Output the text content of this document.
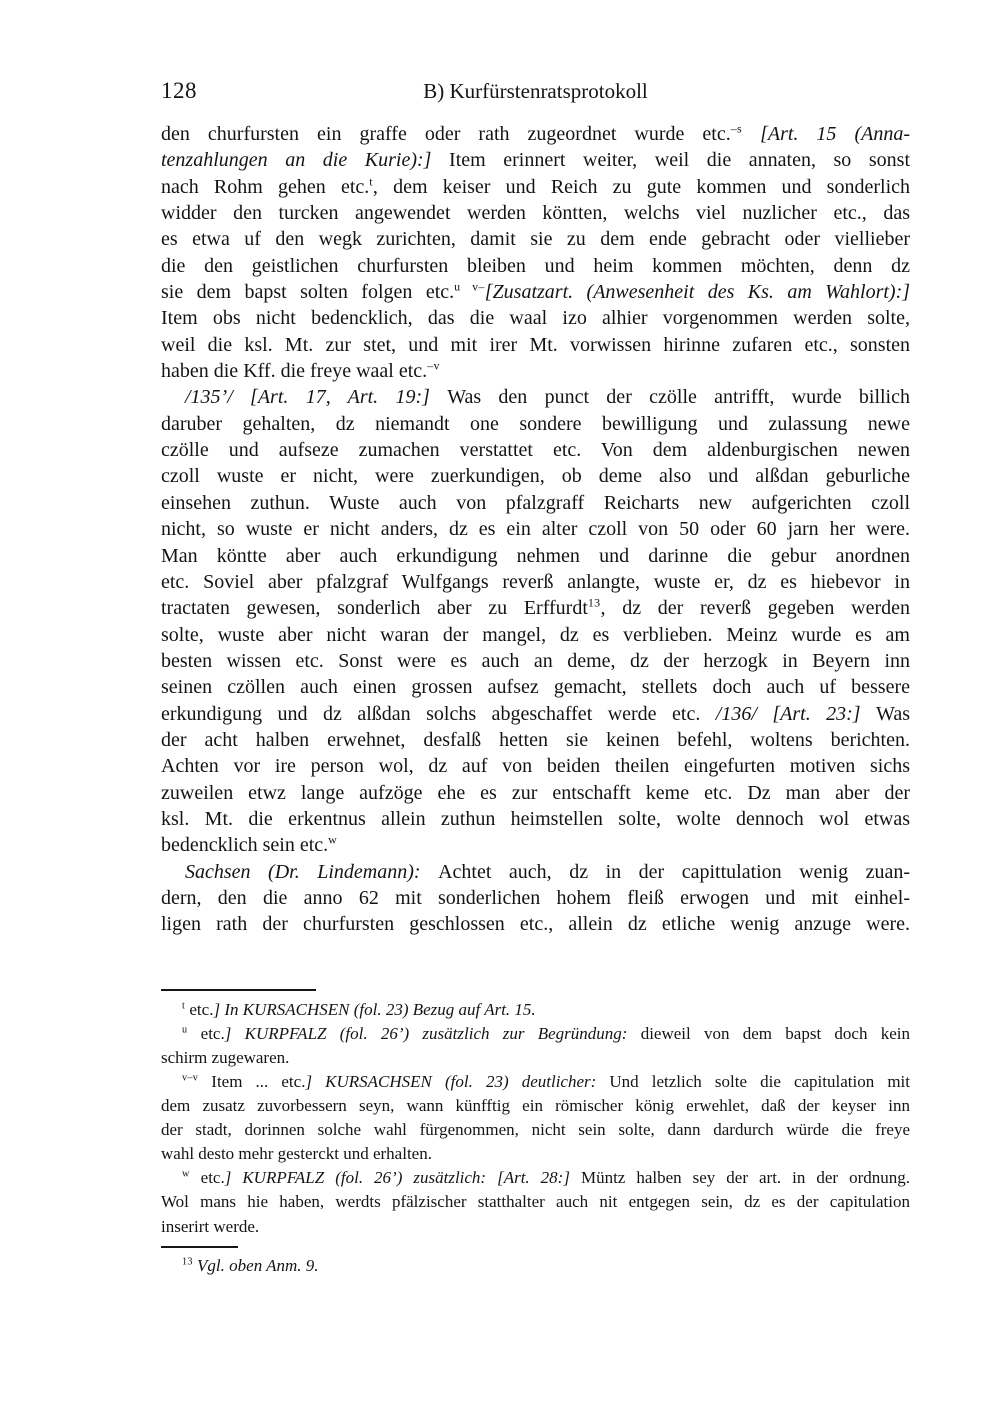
128	B) Kurfürstenratsprotokoll
den churfursten ein graffe oder rath zugeordnet wurde etc.$^{-s}$ [Art. 15 (Anna-
tenzahlungen an die Kurie):] Item erinnert weiter, weil die annaten, so sonst
nach Rohm gehen etc.$^t$, dem keiser und Reich zu gute kommen und sonderlich
widder den turcken angewendet werden köntten, welchs viel nuzlicher etc., das
es etwa uf den wegk zurichten, damit sie zu dem ende gebracht oder viellieber
die den geistlichen churfursten bleiben und heim kommen möchten, denn dz
sie dem bapst solten folgen etc.$^{u v-}$[Zusatzart. (Anwesenheit des Ks. am Wahlort):]
Item obs nicht bedencklich, das die waal izo alhier vorgenommen werden solte,
weil die ksl. Mt. zur stet, und mit irer Mt. vorwissen hirinne zufaren etc., sonsten
haben die Kff. die freye waal etc.$^{-v}$
/135’/ [Art. 17, Art. 19:] Was den punct der czölle antrifft, wurde billich
daruber gehalten, dz niemandt one sondere bewilligung und zulassung newe
czölle und aufseze zumachen verstattet etc. Von dem aldenburgischen newen
czoll wuste er nicht, were zuerkundigen, ob deme also und alßdan geburliche
einsehen zuthun. Wuste auch von pfalzgraff Reicharts new aufgerichten czoll
nicht, so wuste er nicht anders, dz es ein alter czoll von 50 oder 60 jarn her were.
Man köntte aber auch erkundigung nehmen und darinne die gebur anordnen
etc. Soviel aber pfalzgraf Wulfgangs reverß anlangte, wuste er, dz es hiebevor in
tractaten gewesen, sonderlich aber zu Erffurdt$^{13}$, dz der reverß gegeben werden
solte, wuste aber nicht waran der mangel, dz es verblieben. Meinz wurde es am
besten wissen etc. Sonst were es auch an deme, dz der herzogk in Beyern inn
seinen czöllen auch einen grossen aufsez gemacht, stellets doch auch uf bessere
erkundigung und dz alßdan solchs abgeschaffet werde etc. /136/ [Art. 23:] Was
der acht halben erwehnet, desfalß hetten sie keinen befehl, woltens berichten.
Achten vor ire person wol, dz auf von beiden theilen eingefurten motiven sichs
zuweilen etwz lange aufzöge ehe es zur entschafft keme etc. Dz man aber der
ksl. Mt. die erkentnus allein zuthun heimstellen solte, wolte dennoch wol etwas
bedencklich sein etc.$^w$
Sachsen (Dr. Lindemann): Achtet auch, dz in der capittulation wenig zuan-
dern, den die anno 62 mit sonderlichen hohem fleiß erwogen und mit einhel-
ligen rath der churfursten geschlossen etc., allein dz etliche wenig anzuge were.
$^t$ etc.] In KURSACHSEN (fol. 23) Bezug auf Art. 15.
$^u$ etc.] KURPFALZ (fol. 26’) zusätzlich zur Begründung: dieweil von dem bapst doch kein
schirm zugewaren.
$^{v-v}$ Item ... etc.] KURSACHSEN (fol. 23) deutlicher: Und letzlich solte die capitulation mit
dem zusatz zuvorbessern seyn, wann künfftig ein römischer könig erwehlet, daß der keyser inn
der stadt, dorinnen solche wahl fürgenommen, nicht sein solte, dann dardurch würde die freye
wahl desto mehr gesterckt und erhalten.
$^w$ etc.] KURPFALZ (fol. 26’) zusätzlich: [Art. 28:] Müntz halben sey der art. in der ordnung.
Wol mans hie haben, werdts pfälzischer statthalter auch nit entgegen sein, dz es der capitulation
inserirt werde.
$^{13}$ Vgl. oben Anm. 9.
